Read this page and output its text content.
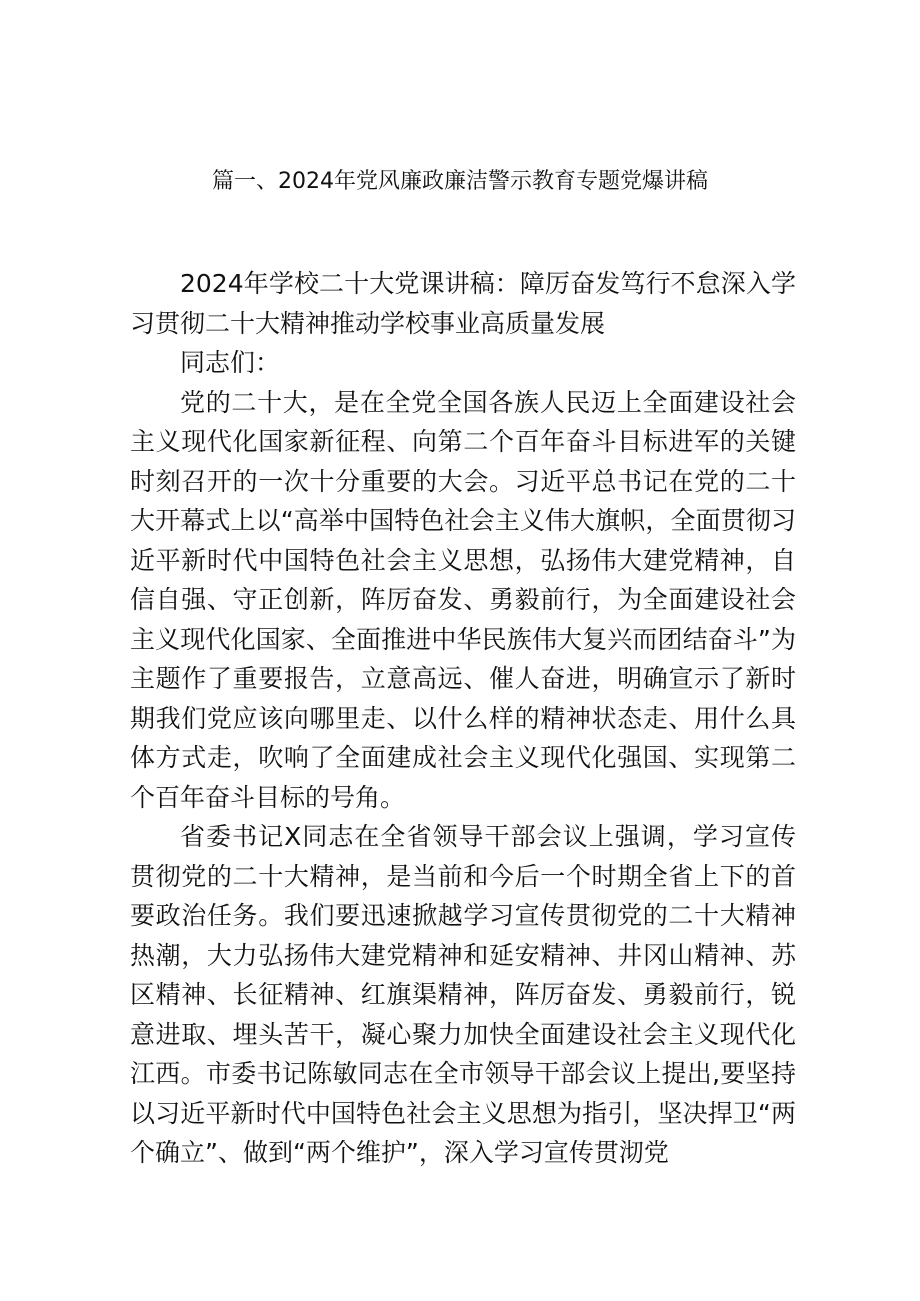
篇一、2024年党风廉政廉洁警示教育专题党爆讲稿

2024年学校二十大党课讲稿：障厉奋发笃行不怠深入学习贯彻二十大精神推动学校事业高质量发展

同志们：

党的二十大，是在全党全国各族人民迈上全面建设社会主义现代化国家新征程、向第二个百年奋斗目标进军的关键时刻召开的一次十分重要的大会。习近平总书记在党的二十大开幕式上以“高举中国特色社会主义伟大旗帜，全面贯彻习近平新时代中国特色社会主义思想，弘扬伟大建党精神，自信自强、守正创新，阵厉奋发、勇毅前行，为全面建设社会主义现代化国家、全面推进中华民族伟大复兴而团结奋斗”为主题作了重要报告，立意高远、催人奋进，明确宣示了新时期我们党应该向哪里走、以什么样的精神状态走、用什么具体方式走，吹响了全面建成社会主义现代化强国、实现第二个百年奋斗目标的号角。

省委书记X同志在全省领导干部会议上强调，学习宣传贯彻党的二十大精神，是当前和今后一个时期全省上下的首要政治任务。我们要迅速掀越学习宣传贯彻党的二十大精神热潮，大力弘扬伟大建党精神和延安精神、井冈山精神、苏区精神、长征精神、红旗渠精神，阵厉奋发、勇毅前行，锐意进取、埋头苦干，凝心聚力加快全面建设社会主义现代化江西。市委书记陈敏同志在全市领导干部会议上提出,要坚持以习近平新时代中国特色社会主义思想为指引，坚决捍卫“两个确立”、做到“两个维护”，深入学习宣传贯沏党
